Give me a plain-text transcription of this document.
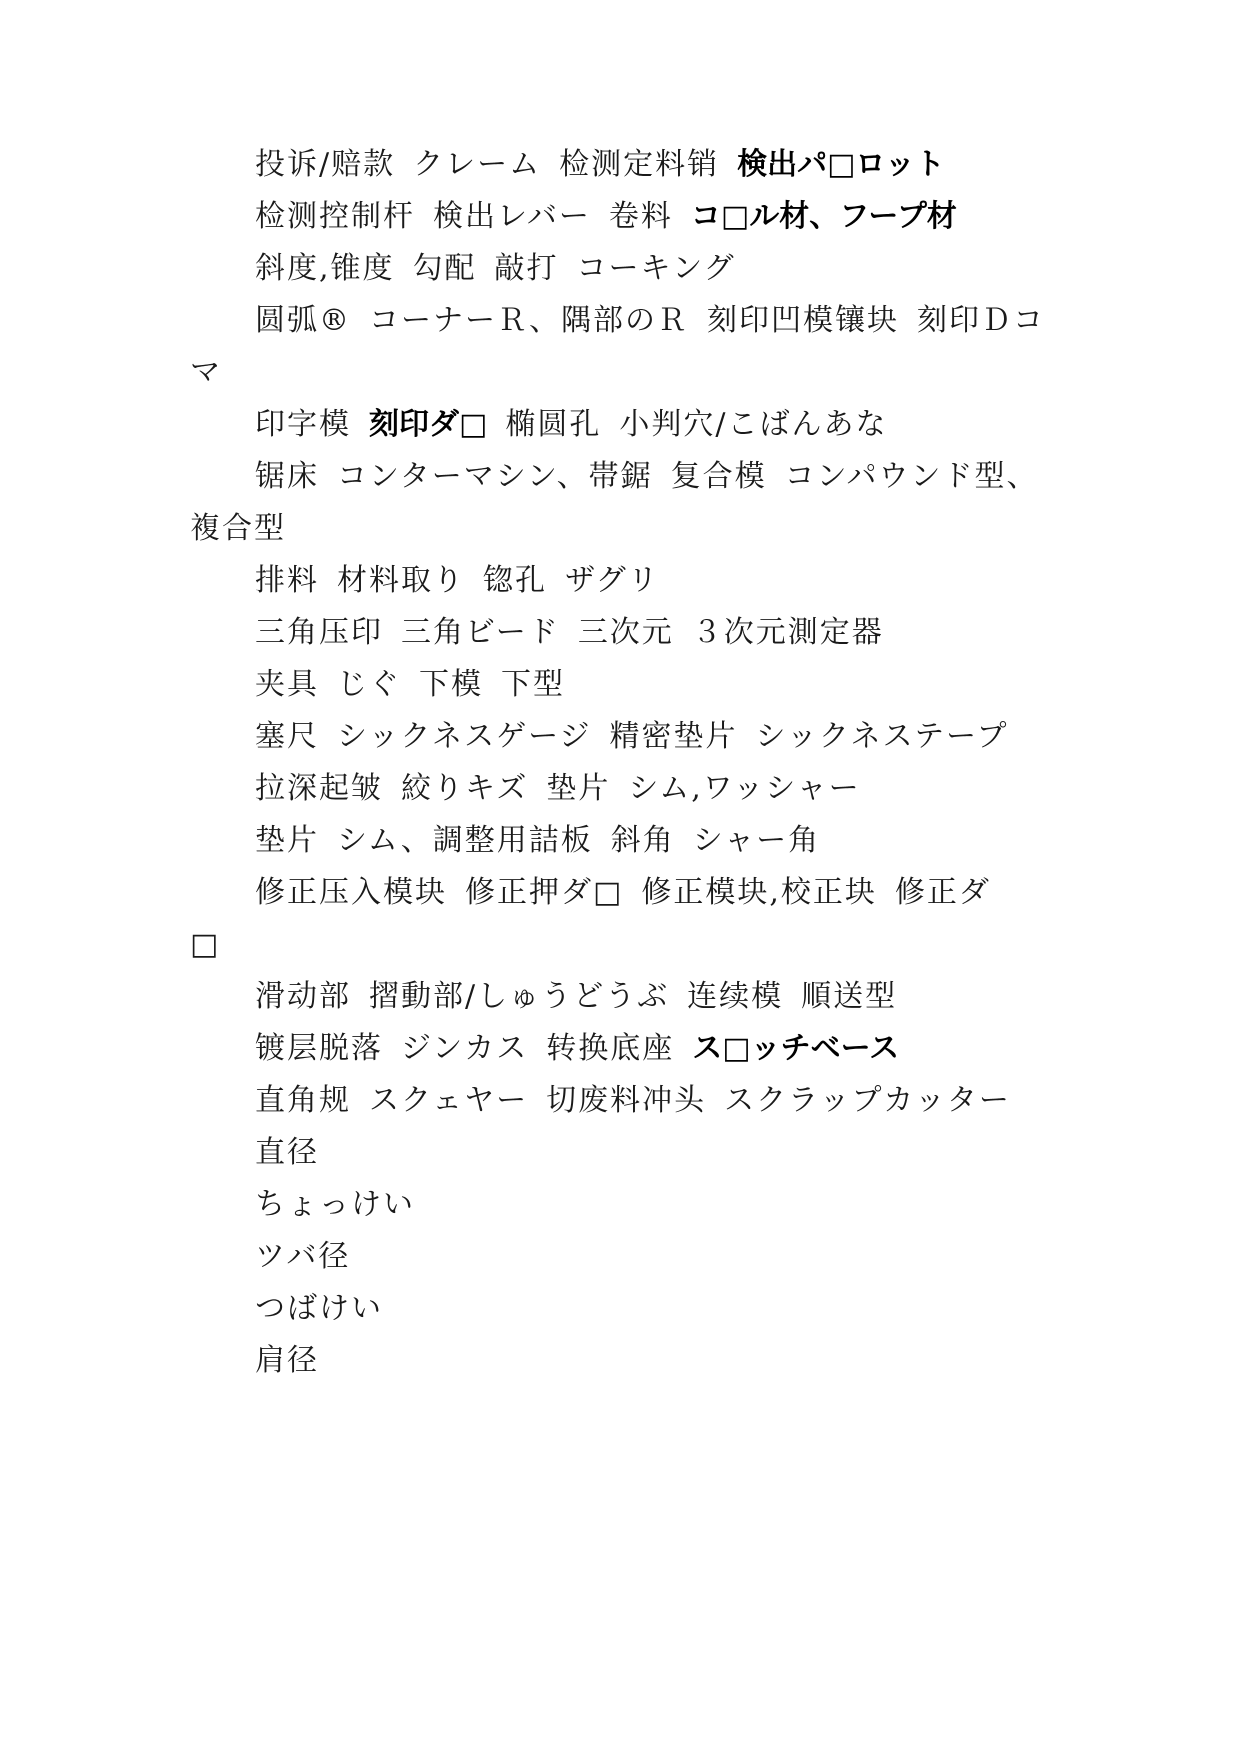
投诉/赔款 クレーム 检测定料销 検出パ□ロット
检测控制杆 検出レバー 卷料 コ□ル材、フープ材
斜度,锥度 勾配 敲打 コーキング
圆弧® コーナーＲ、隅部のＲ 刻印凹模镶块 刻印Ｄコ
マ
印字模 刻印ダ□ 椭圆孔 小判穴/こばんあな
锯床 コンターマシン、帯鋸 复合模 コンパウンド型、
複合型
排料 材料取り 锪孔 ザグリ
三角压印 三角ビード 三次元 ３次元測定器
夹具 じぐ 下模 下型
塞尺 シックネスゲージ 精密垫片 シックネステープ
拉深起皱 絞りキズ 垫片 シム,ワッシャー
垫片 シム、調整用詰板 斜角 シャー角
修正压入模块 修正押ダ□ 修正模块,校正块 修正ダ
□
滑动部 摺動部/しゅうどうぶ 连续模 順送型
镀层脱落 ジンカス 转换底座 ス□ッチベース
直角规 スクェヤー 切废料冲头 スクラップカッター
直径
ちょっけい
ツバ径
つばけい
肩径
